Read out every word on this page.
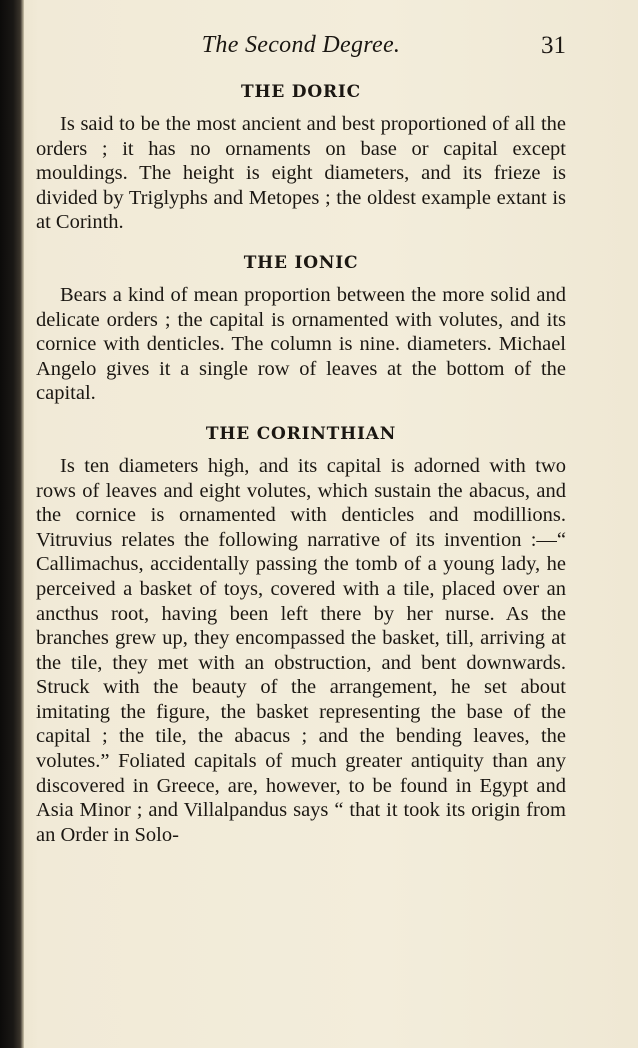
The Second Degree.	31
THE DORIC

Is said to be the most ancient and best proportioned of all the orders ; it has no ornaments on base or capital except mouldings. The height is eight diameters, and its frieze is divided by Triglyphs and Metopes ; the oldest example extant is at Corinth.

THE IONIC

Bears a kind of mean proportion between the more solid and delicate orders ; the capital is ornamented with volutes, and its cornice with denticles. The column is nine. diameters. Michael Angelo gives it a single row of leaves at the bottom of the capital.

THE CORINTHIAN

Is ten diameters high, and its capital is adorned with two rows of leaves and eight volutes, which sustain the abacus, and the cornice is ornamented with denticles and modillions. Vitruvius relates the following narrative of its invention :—“ Callimachus, accidentally passing the tomb of a young lady, he perceived a basket of toys, covered with a tile, placed over an ancthus root, having been left there by her nurse. As the branches grew up, they encompassed the basket, till, arriving at the tile, they met with an obstruction, and bent downwards. Struck with the beauty of the arrangement, he set about imitating the figure, the basket representing the base of the capital ; the tile, the abacus ; and the bending leaves, the volutes.” Foliated capitals of much greater antiquity than any discovered in Greece, are, however, to be found in Egypt and Asia Minor ; and Villalpandus says “ that it took its origin from an Order in Solo-
